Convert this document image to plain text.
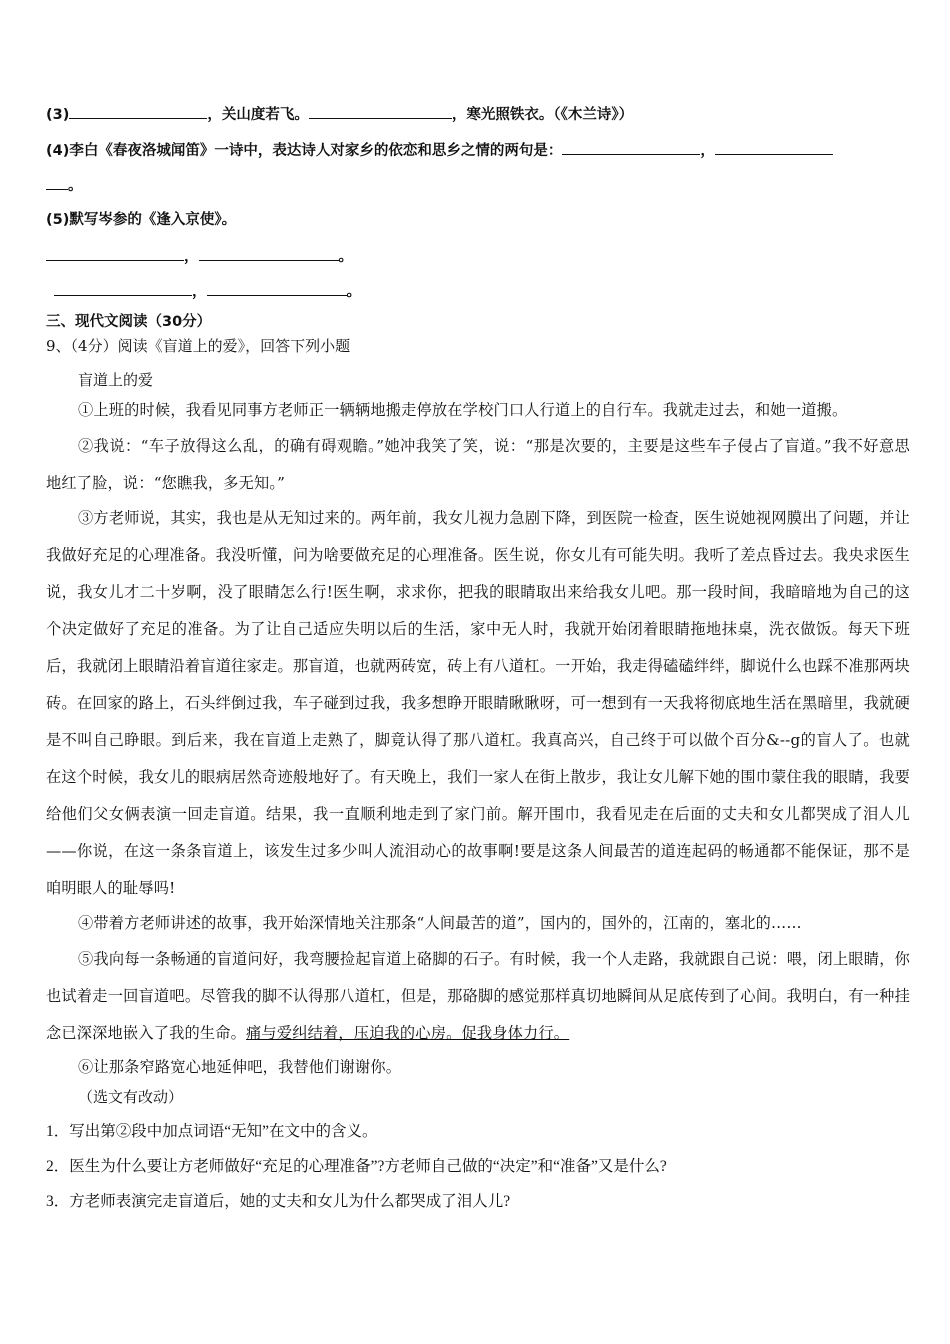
(3)	，关山度若飞。	，寒光照铁衣。（《木兰诗》）
(4)李白《春夜洛城闻笛》一诗中，表达诗人对家乡的依恋和思乡之情的两句是：	，
。
(5)默写岑参的《逢入京使》。
，	。
，	。
三、现代文阅读（30分）
9、（4分）阅读《盲道上的爱》，回答下列小题
盲道上的爱
①上班的时候，我看见同事方老师正一辆辆地搬走停放在学校门口人行道上的自行车。我就走过去，和她一道搬。
②我说：“车子放得这么乱，的确有碍观瞻。”她冲我笑了笑，说：“那是次要的，主要是这些车子侵占了盲道。”我不好意思地红了脸，说：“您瞧我，多无知。”
③方老师说，其实，我也是从无知过来的。两年前，我女儿视力急剧下降，到医院一检查，医生说她视网膜出了问题，并让我做好充足的心理准备。我没听懂，问为啥要做充足的心理准备。医生说，你女儿有可能失明。我听了差点昏过去。我央求医生说，我女儿才二十岁啊，没了眼睛怎么行!医生啊，求求你，把我的眼睛取出来给我女儿吧。那一段时间，我暗暗地为自己的这个决定做好了充足的准备。为了让自己适应失明以后的生活，家中无人时，我就开始闭着眼睛拖地抹桌，洗衣做饭。每天下班后，我就闭上眼睛沿着盲道往家走。那盲道，也就两砖宽，砖上有八道杠。一开始，我走得磕磕绊绊，脚说什么也踩不准那两块砖。在回家的路上，石头绊倒过我，车子碰到过我，我多想睁开眼睛瞅瞅呀，可一想到有一天我将彻底地生活在黑暗里，我就硬是不叫自己睁眼。到后来，我在盲道上走熟了，脚竟认得了那八道杠。我真高兴，自己终于可以做个百分&--g的盲人了。也就在这个时候，我女儿的眼病居然奇迹般地好了。有天晚上，我们一家人在街上散步，我让女儿解下她的围巾蒙住我的眼睛，我要给他们父女俩表演一回走盲道。结果，我一直顺利地走到了家门前。解开围巾，我看见走在后面的丈夫和女儿都哭成了泪人儿——你说，在这一条条盲道上，该发生过多少叫人流泪动心的故事啊!要是这条人间最苦的道连起码的畅通都不能保证，那不是咱明眼人的耻辱吗!
④带着方老师讲述的故事，我开始深情地关注那条“人间最苦的道”，国内的，国外的，江南的，塞北的……
⑤我向每一条畅通的盲道问好，我弯腰捡起盲道上硌脚的石子。有时候，我一个人走路，我就跟自己说：喂，闭上眼睛，你也试着走一回盲道吧。尽管我的脚不认得那八道杠，但是，那硌脚的感觉那样真切地瞬间从足底传到了心间。我明白，有一种挂念已深深地嵌入了我的生命。痛与爱纠结着，压迫我的心房。促我身体力行。
⑥让那条窄路宽心地延伸吧，我替他们谢谢你。
（选文有改动）
1．写出第②段中加点词语“无知”在文中的含义。
2．医生为什么要让方老师做好“充足的心理准备”?方老师自己做的“决定”和“准备”又是什么?
3．方老师表演完走盲道后，她的丈夫和女儿为什么都哭成了泪人儿?
